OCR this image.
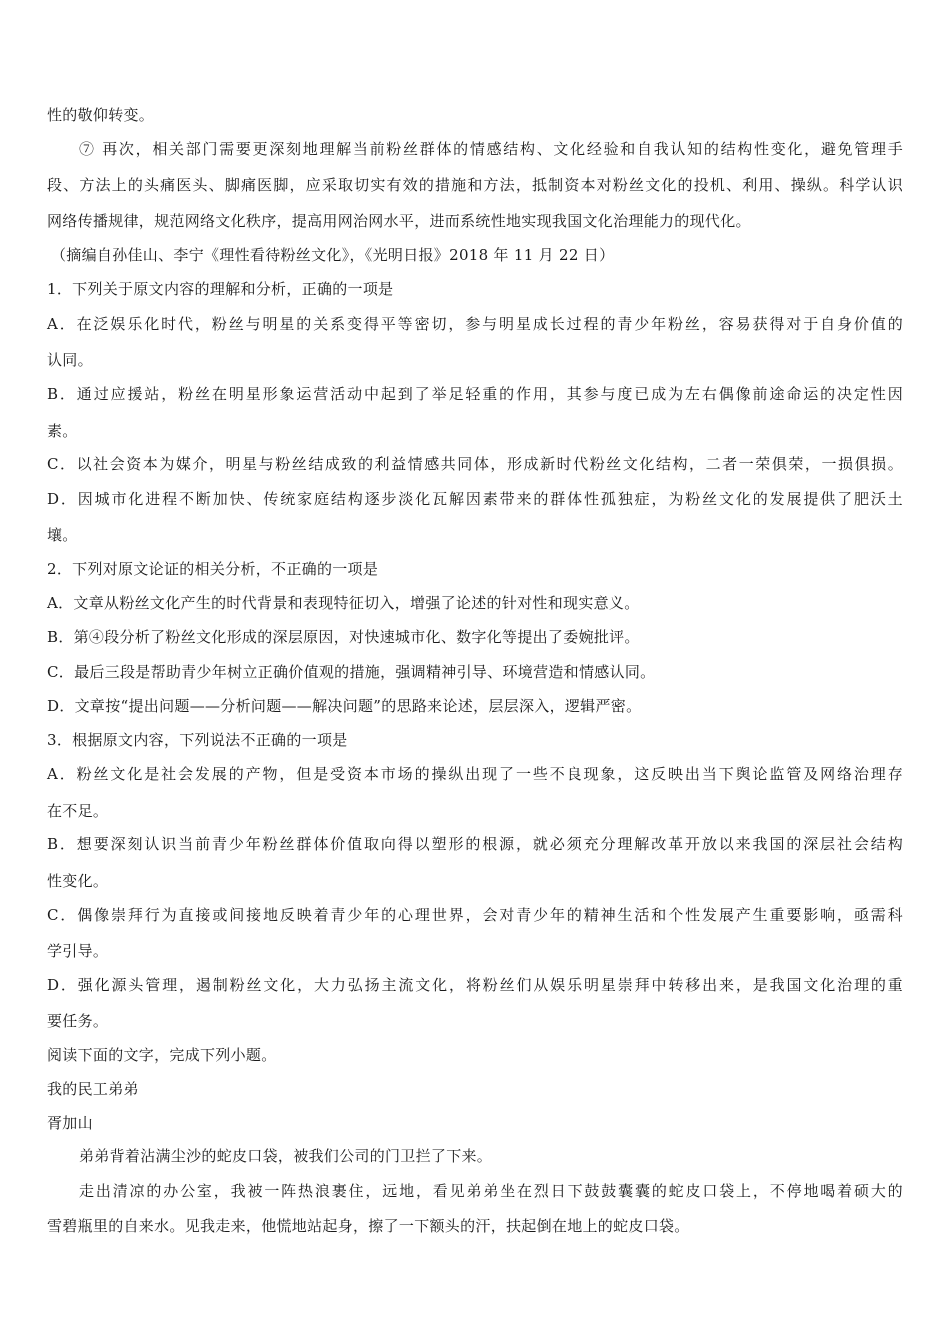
性的敬仰转变。
⑦ 再次，相关部门需要更深刻地理解当前粉丝群体的情感结构、文化经验和自我认知的结构性变化，避免管理手
段、方法上的头痛医头、脚痛医脚，应采取切实有效的措施和方法，抵制资本对粉丝文化的投机、利用、操纵。科学认识
网络传播规律，规范网络文化秩序，提高用网治网水平，进而系统性地实现我国文化治理能力的现代化。
（摘编自孙佳山、李宁《理性看待粉丝文化》，《光明日报》2018 年 11 月 22 日）
1．下列关于原文内容的理解和分析，正确的一项是
A．在泛娱乐化时代，粉丝与明星的关系变得平等密切，参与明星成长过程的青少年粉丝，容易获得对于自身价值的
认同。
B．通过应援站，粉丝在明星形象运营活动中起到了举足轻重的作用，其参与度已成为左右偶像前途命运的决定性因
素。
C．以社会资本为媒介，明星与粉丝结成致的利益情感共同体，形成新时代粉丝文化结构，二者一荣俱荣，一损俱损。
D．因城市化进程不断加快、传统家庭结构逐步淡化瓦解因素带来的群体性孤独症，为粉丝文化的发展提供了肥沃土
壤。
2．下列对原文论证的相关分析，不正确的一项是
A．文章从粉丝文化产生的时代背景和表现特征切入，增强了论述的针对性和现实意义。
B．第④段分析了粉丝文化形成的深层原因，对快速城市化、数字化等提出了委婉批评。
C．最后三段是帮助青少年树立正确价值观的措施，强调精神引导、环境营造和情感认同。
D．文章按“提出问题——分析问题——解决问题”的思路来论述，层层深入，逻辑严密。
3．根据原文内容，下列说法不正确的一项是
A．粉丝文化是社会发展的产物，但是受资本市场的操纵出现了一些不良现象，这反映出当下舆论监管及网络治理存
在不足。
B．想要深刻认识当前青少年粉丝群体价值取向得以塑形的根源，就必须充分理解改革开放以来我国的深层社会结构
性变化。
C．偶像崇拜行为直接或间接地反映着青少年的心理世界，会对青少年的精神生活和个性发展产生重要影响，亟需科
学引导。
D．强化源头管理，遏制粉丝文化，大力弘扬主流文化，将粉丝们从娱乐明星崇拜中转移出来，是我国文化治理的重
要任务。
阅读下面的文字，完成下列小题。
我的民工弟弟
胥加山
弟弟背着沾满尘沙的蛇皮口袋，被我们公司的门卫拦了下来。
走出清凉的办公室，我被一阵热浪裹住，远地，看见弟弟坐在烈日下鼓鼓囊囊的蛇皮口袋上，不停地喝着硕大的
雪碧瓶里的自来水。见我走来，他慌地站起身，擦了一下额头的汗，扶起倒在地上的蛇皮口袋。
